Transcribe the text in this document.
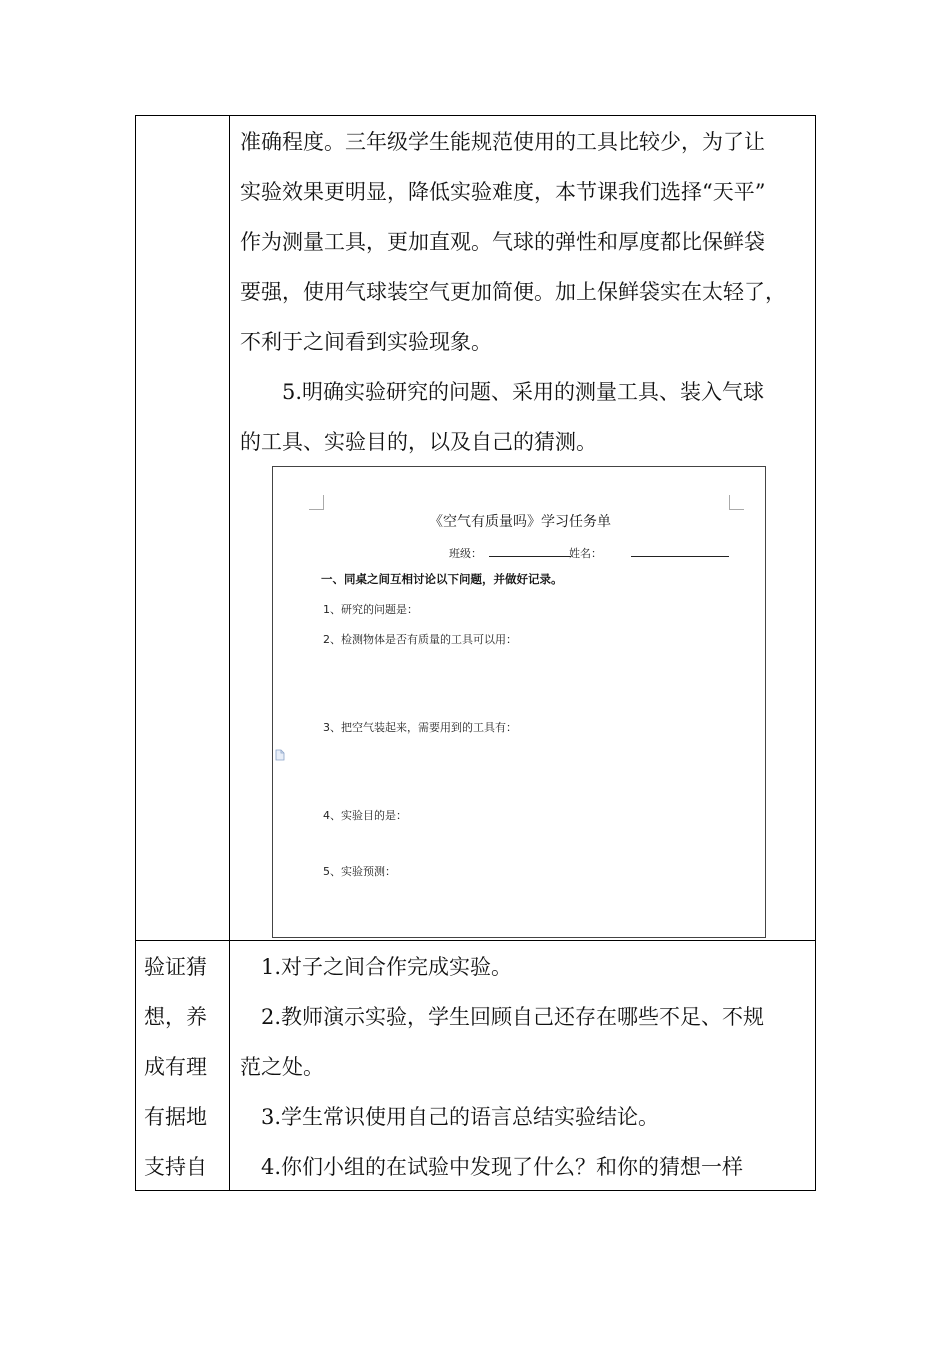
准确程度。三年级学生能规范使用的工具比较少，为了让
实验效果更明显，降低实验难度，本节课我们选择“天平”
作为测量工具，更加直观。气球的弹性和厚度都比保鲜袋
要强，使用气球装空气更加简便。加上保鲜袋实在太轻了，
不利于之间看到实验现象。
　　5.明确实验研究的问题、采用的测量工具、装入气球
的工具、实验目的，以及自己的猜测。
《空气有质量吗》学习任务单
班级：	姓名：
一、同桌之间互相讨论以下问题，并做好记录。
1、研究的问题是：
2、检测物体是否有质量的工具可以用：
3、把空气装起来，需要用到的工具有：
4、实验目的是：
5、实验预测：
验证猜
想，养
成有理
有据地
支持自
　1.对子之间合作完成实验。
　2.教师演示实验，学生回顾自己还存在哪些不足、不规
范之处。
　3.学生常识使用自己的语言总结实验结论。
　4.你们小组的在试验中发现了什么？和你的猜想一样
